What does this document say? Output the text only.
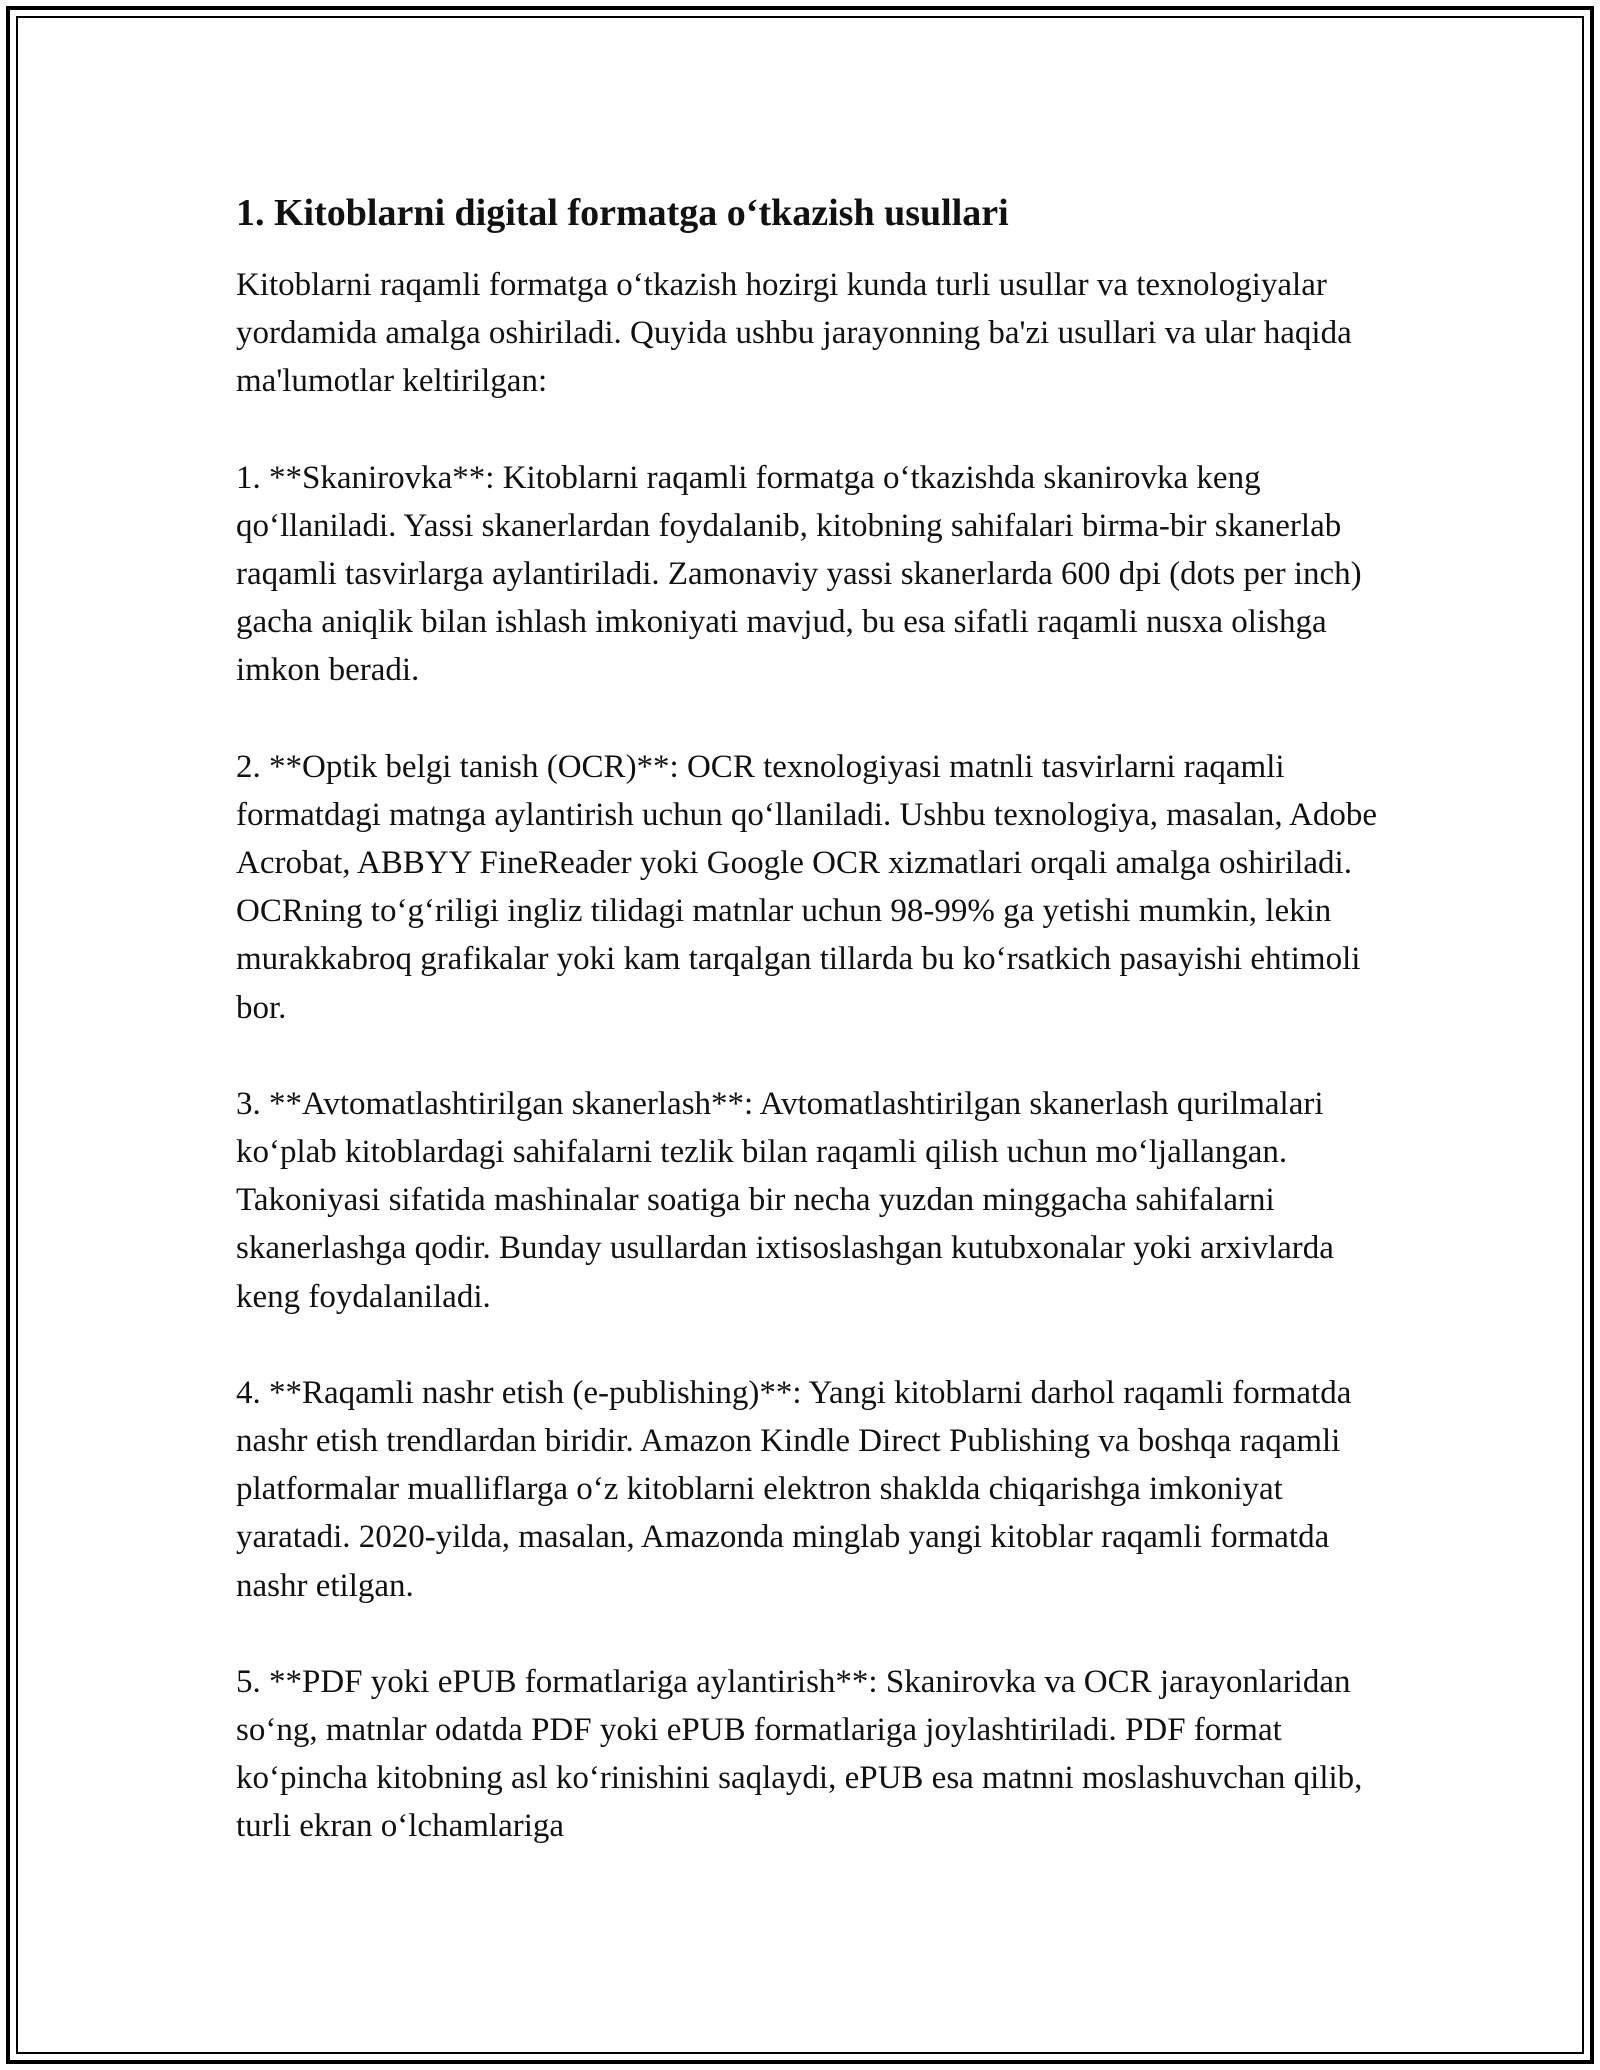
1. Kitoblarni digital formatga o‘tkazish usullari

Kitoblarni raqamli formatga o‘tkazish hozirgi kunda turli usullar va texnologiyalar yordamida amalga oshiriladi. Quyida ushbu jarayonning ba'zi usullari va ular haqida ma'lumotlar keltirilgan:

1. **Skanirovka**: Kitoblarni raqamli formatga o‘tkazishda skanirovka keng qo‘llaniladi. Yassi skanerlardan foydalanib, kitobning sahifalari birma-bir skanerlab raqamli tasvirlarga aylantiriladi. Zamonaviy yassi skanerlarda 600 dpi (dots per inch) gacha aniqlik bilan ishlash imkoniyati mavjud, bu esa sifatli raqamli nusxa olishga imkon beradi.

2. **Optik belgi tanish (OCR)**: OCR texnologiyasi matnli tasvirlarni raqamli formatdagi matnga aylantirish uchun qo‘llaniladi. Ushbu texnologiya, masalan, Adobe Acrobat, ABBYY FineReader yoki Google OCR xizmatlari orqali amalga oshiriladi. OCRning to‘g‘riligi ingliz tilidagi matnlar uchun 98-99% ga yetishi mumkin, lekin murakkabroq grafikalar yoki kam tarqalgan tillarda bu ko‘rsatkich pasayishi ehtimoli bor.

3. **Avtomatlashtirilgan skanerlash**: Avtomatlashtirilgan skanerlash qurilmalari ko‘plab kitoblardagi sahifalarni tezlik bilan raqamli qilish uchun mo‘ljallangan. Takoniyasi sifatida mashinalar soatiga bir necha yuzdan minggacha sahifalarni skanerlashga qodir. Bunday usullardan ixtisoslashgan kutubxonalar yoki arxivlarda keng foydalaniladi.

4. **Raqamli nashr etish (e-publishing)**: Yangi kitoblarni darhol raqamli formatda nashr etish trendlardan biridir. Amazon Kindle Direct Publishing va boshqa raqamli platformalar mualliflarga o‘z kitoblarni elektron shakldа chiqarishga imkoniyat yaratadi. 2020-yilda, masalan, Amazonda minglab yangi kitoblar raqamli formatda nashr etilgan.

5. **PDF yoki ePUB formatlariga aylantirish**: Skanirovka va OCR jarayonlaridan so‘ng, matnlar odatda PDF yoki ePUB formatlariga joylashtiriladi. PDF format ko‘pincha kitobning asl ko‘rinishini saqlaydi, ePUB esa matnni moslashuvchan qilib, turli ekran o‘lchamlariga
